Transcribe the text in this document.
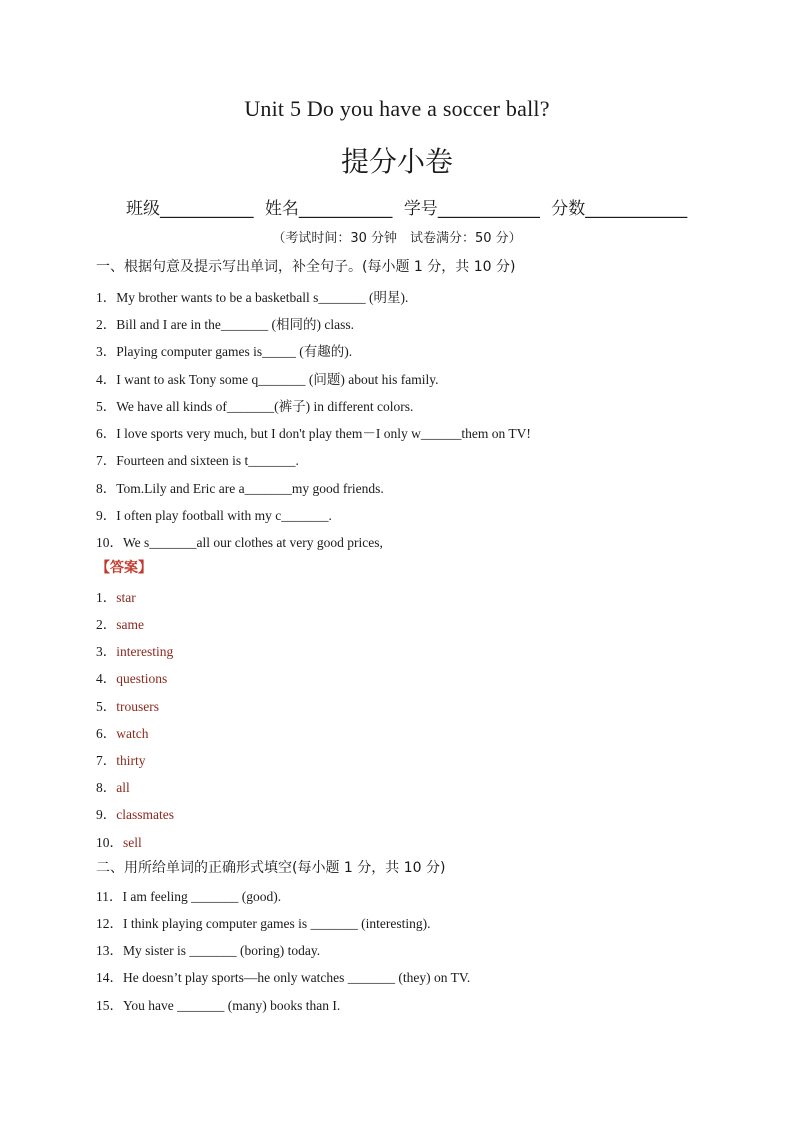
Unit 5 Do you have a soccer ball?
提分小卷
班级___________ 姓名___________ 学号____________ 分数____________
（考试时间：30 分钟　试卷满分：50 分）
一、根据句意及提示写出单词，补全句子。(每小题 1 分，共 10 分)
1．My brother wants to be a basketball s_______ (明星).
2．Bill and I are in the_______ (相同的) class.
3．Playing computer games is_____ (有趣的).
4．I want to ask Tony some q_______ (问题) about his family.
5．We have all kinds of_______(裤子) in different colors.
6．I love sports very much, but I don't play them－I only w______them on TV!
7．Fourteen and sixteen is t_______.
8．Tom.Lily and Eric are a_______my good friends.
9．I often play football with my c_______.
10．We s_______all our clothes at very good prices,
【答案】
1．star
2．same
3．interesting
4．questions
5．trousers
6．watch
7．thirty
8．all
9．classmates
10．sell
二、用所给单词的正确形式填空(每小题 1 分，共 10 分)
11．I am feeling _______ (good).
12．I think playing computer games is _______ (interesting).
13．My sister is _______ (boring) today.
14．He doesn’t play sports—he only watches _______ (they) on TV.
15．You have _______ (many) books than I.
